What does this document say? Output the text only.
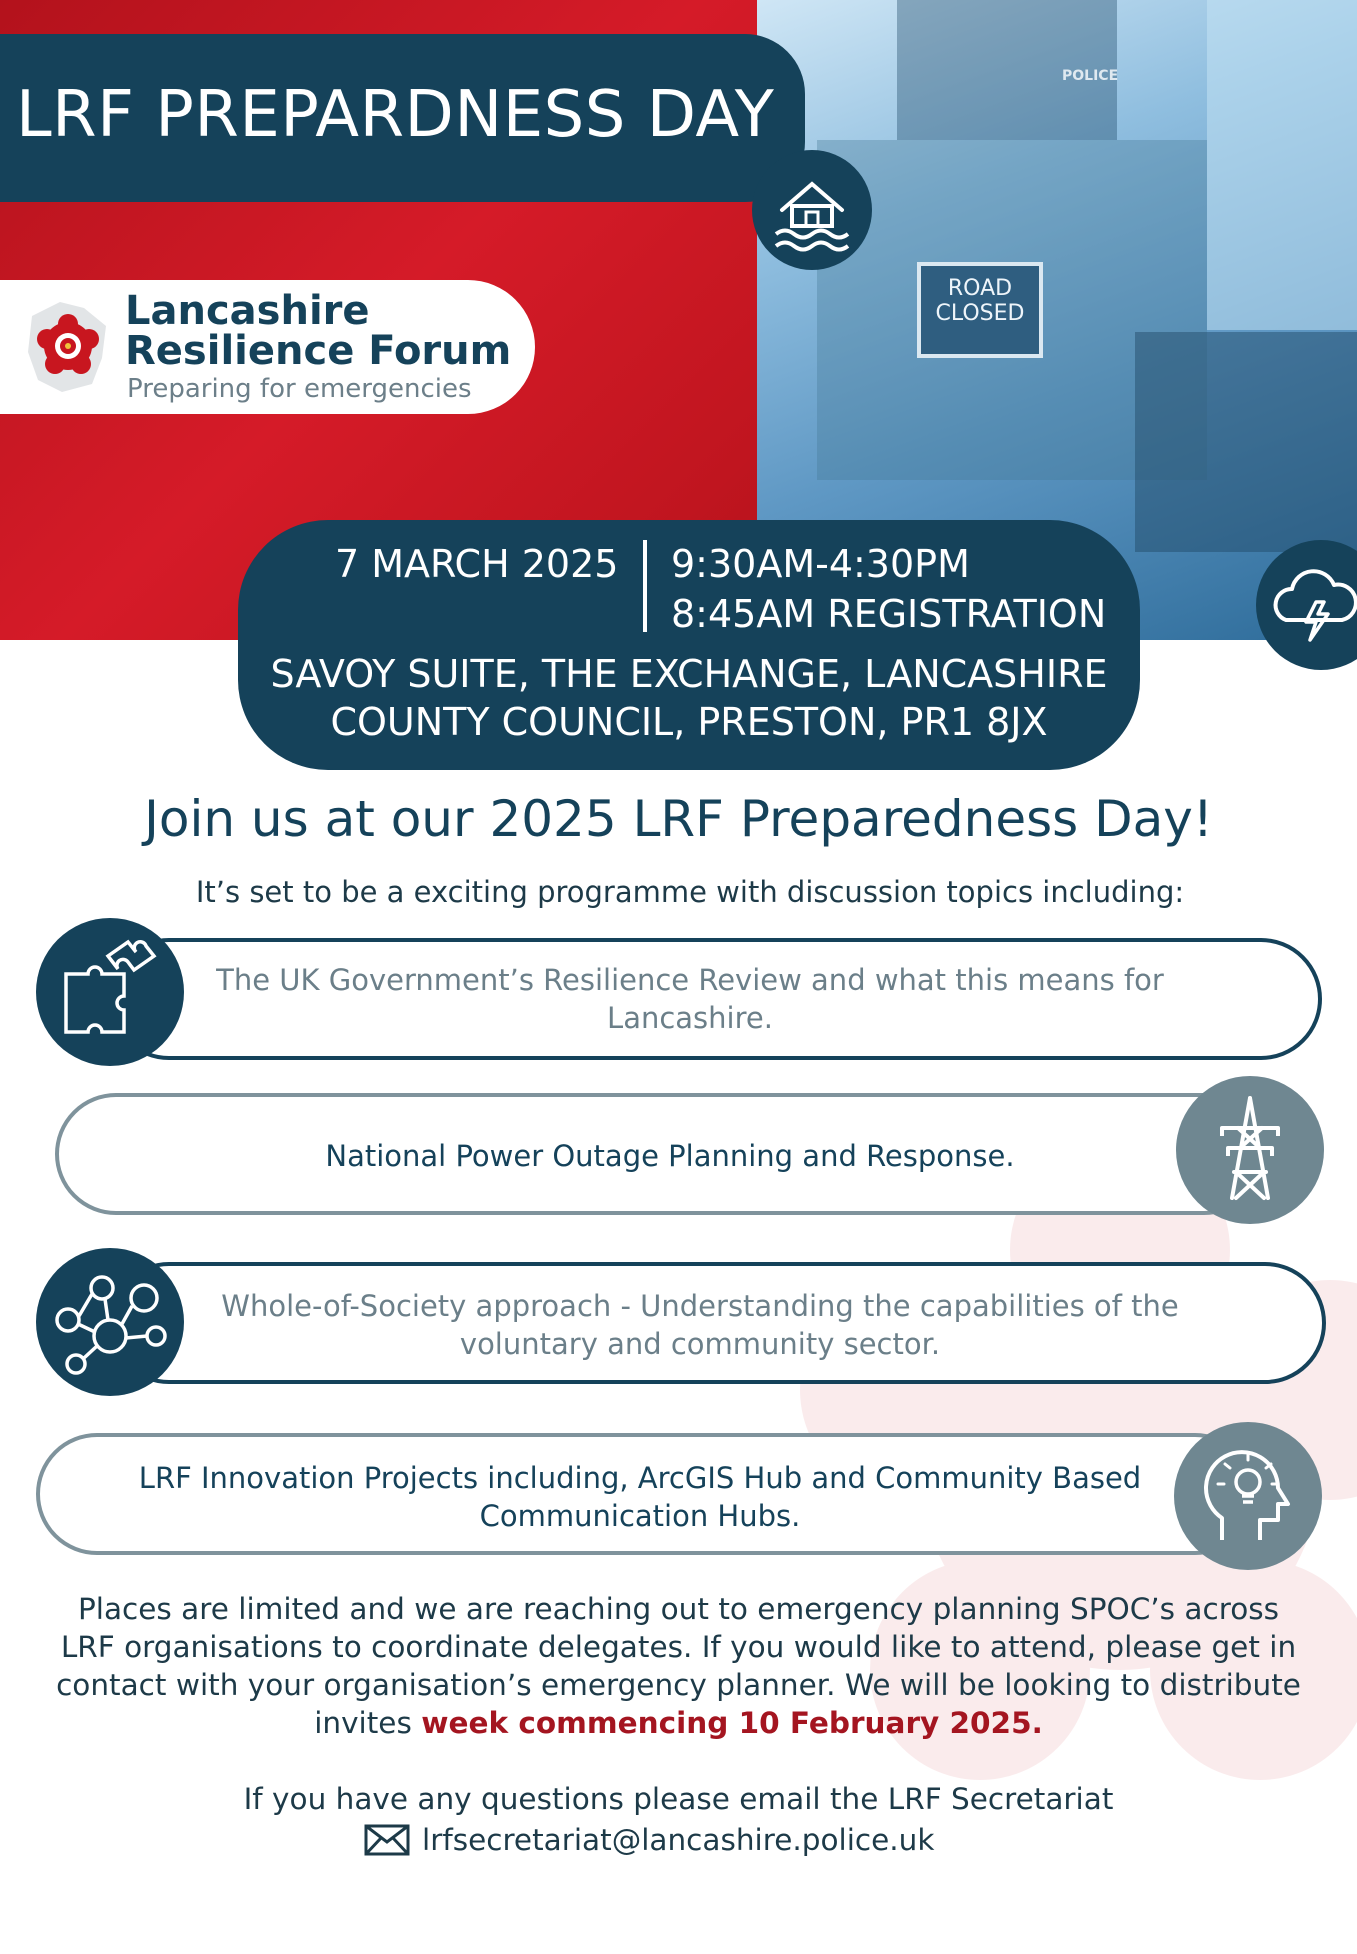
POLICE
ROAD
CLOSED
LRF PREPARDNESS DAY
Lancashire
Resilience Forum
Preparing for emergencies
7 MARCH 2025 9:30AM-4:30PM
8:45AM REGISTRATION
SAVOY SUITE, THE EXCHANGE, LANCASHIRE
COUNTY COUNCIL, PRESTON, PR1 8JX
Join us at our 2025 LRF Preparedness Day!
It’s set to be a exciting programme with discussion topics including:
The UK Government’s Resilience Review and what this means for
Lancashire.
National Power Outage Planning and Response.
Whole-of-Society approach - Understanding the capabilities of the
voluntary and community sector.
LRF Innovation Projects including, ArcGIS Hub and Community Based
Communication Hubs.
Places are limited and we are reaching out to emergency planning SPOC’s across
LRF organisations to coordinate delegates. If you would like to attend, please get in
contact with your organisation’s emergency planner. We will be looking to distribute
invites week commencing 10 February 2025.
If you have any questions please email the LRF Secretariat
lrfsecretariat@lancashire.police.uk
